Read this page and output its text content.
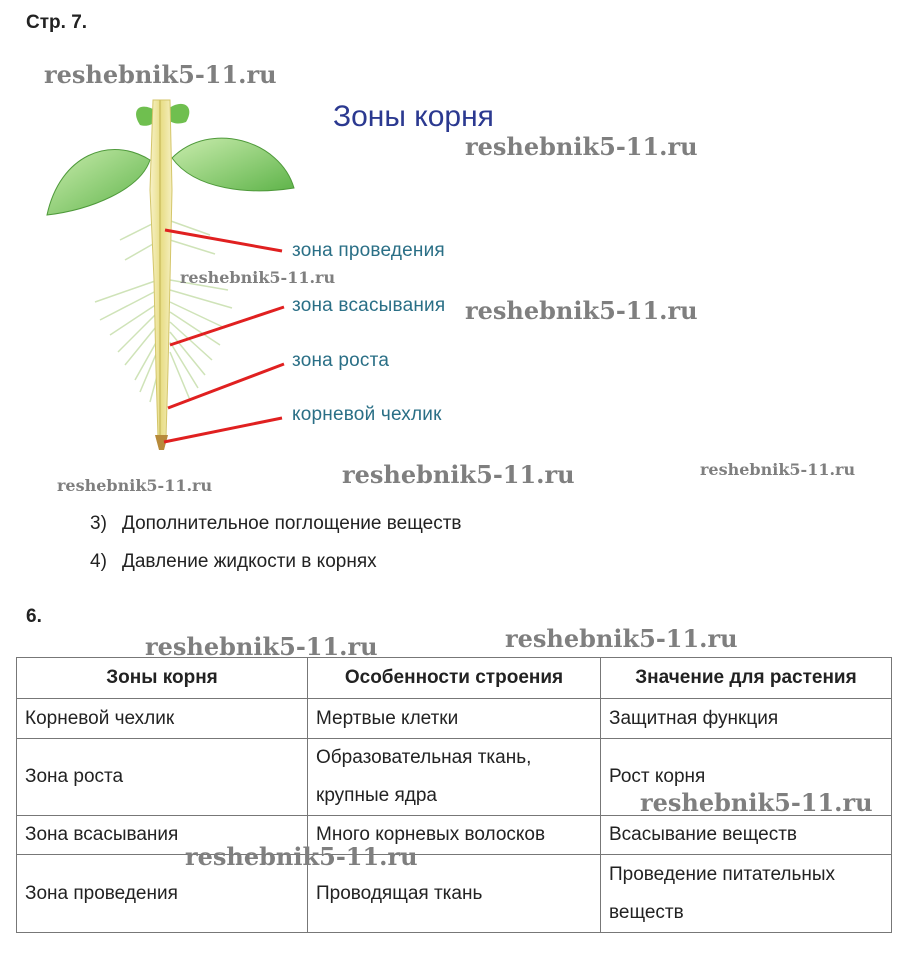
Стр. 7.
Зоны корня
зона проведения
зона всасывания
зона роста
корневой чехлик
reshebnik5-11.ru
reshebnik5-11.ru
reshebnik5-11.ru
reshebnik5-11.ru
reshebnik5-11.ru	reshebnik5-11.ru
reshebnik5-11.ru
reshebnik5-11.ru	reshebnik5-11.ru
3) Дополнительное поглощение веществ
4) Давление жидкости в корнях
6.
Зоны корня	Особенности строения	Значение для растения
Корневой чехлик	Мертвые клетки	Защитная функция
Зона роста	Образовательная ткань, крупные ядра	Рост корня
Зона всасывания	Много корневых волосков	Всасывание веществ
Зона проведения	Проводящая ткань	Проведение питательных веществ
reshebnik5-11.ru
reshebnik5-11.ru
